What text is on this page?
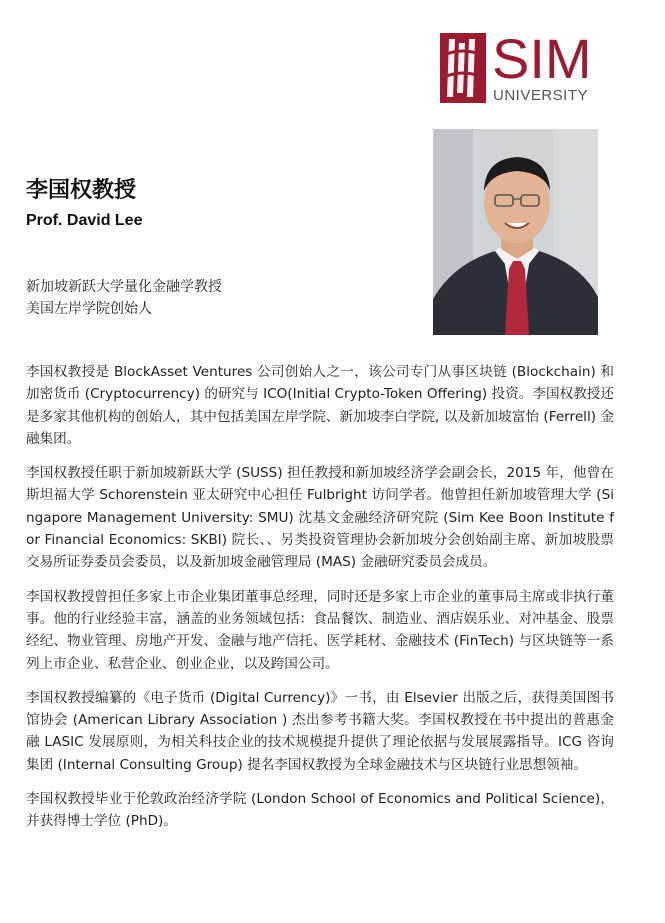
SIM
UNIVERSITY
李国权教授
Prof. David Lee
新加坡新跃大学量化金融学教授
美国左岸学院创始人

李国权教授是 BlockAsset Ventures 公司创始人之一，该公司专门从事区块链 (Blockchain) 和加密货币 (Cryptocurrency) 的研究与 ICO(Initial Crypto-Token Offering) 投资。李国权教授还是多家其他机构的创始人，其中包括美国左岸学院、新加坡李白学院, 以及新加坡富怡 (Ferrell) 金融集团。

李国权教授任职于新加坡新跃大学 (SUSS) 担任教授和新加坡经济学会副会长，2015 年，他曾在斯坦福大学 Schorenstein 亚太研究中心担任 Fulbright 访问学者。他曾担任新加坡管理大学 (Singapore Management University: SMU) 沈基文金融经济研究院 (Sim Kee Boon Institute for Financial Economics: SKBI) 院长、、另类投资管理协会新加坡分会创始副主席、新加坡股票交易所证券委员会委员，以及新加坡金融管理局 (MAS) 金融研究委员会成员。

李国权教授曾担任多家上市企业集团董事总经理，同时还是多家上市企业的董事局主席或非执行董事。他的行业经验丰富，涵盖的业务领域包括：食品餐饮、制造业、酒店娱乐业、对冲基金、股票经纪、物业管理、房地产开发、金融与地产信托、医学耗材、金融技术 (FinTech) 与区块链等一系列上市企业、私营企业、创业企业，以及跨国公司。

李国权教授编纂的《电子货币 (Digital Currency)》一书，由 Elsevier 出版之后，获得美国图书馆协会 (American Library Association ) 杰出参考书籍大奖。李国权教授在书中提出的普惠金融 LASIC 发展原则，为相关科技企业的技术规模提升提供了理论依据与发展展露指导。ICG 咨询集团 (Internal Consulting Group) 提名李国权教授为全球金融技术与区块链行业思想领袖。

李国权教授毕业于伦敦政治经济学院 (London School of Economics and Political Science)，并获得博士学位 (PhD)。
